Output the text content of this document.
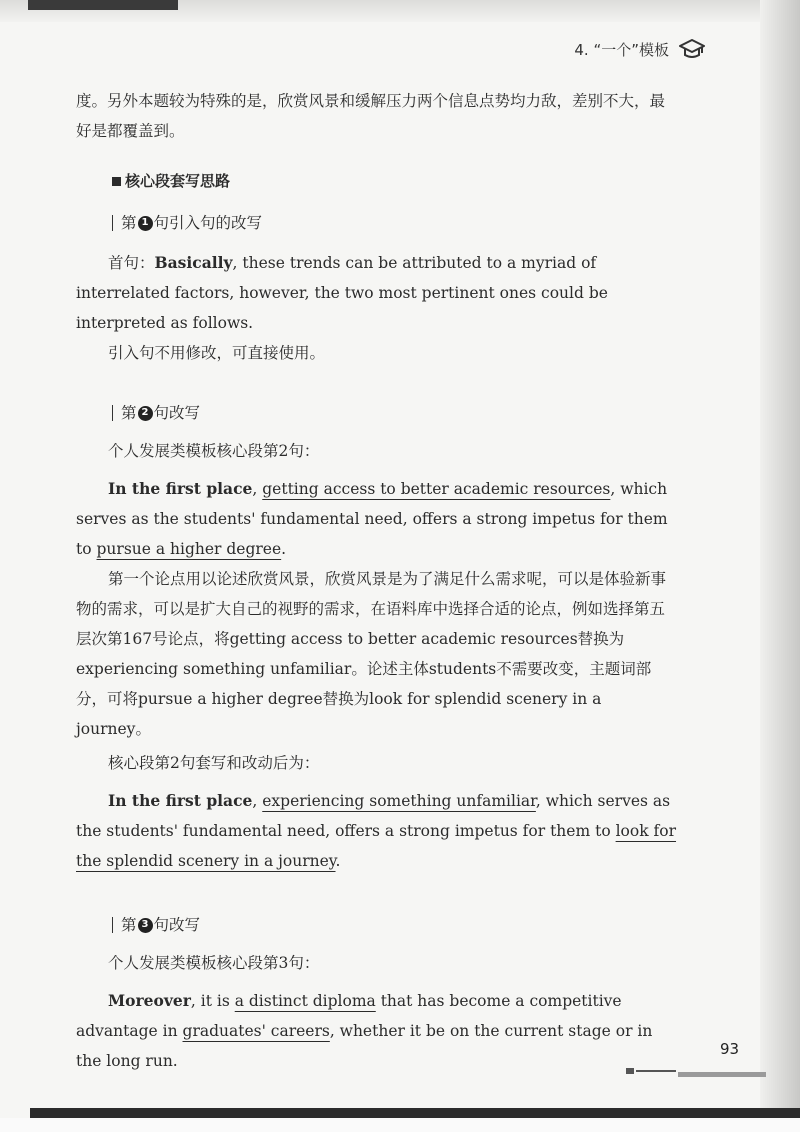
4. “一个”模板

度。另外本题较为特殊的是，欣赏风景和缓解压力两个信息点势均力敌，差别不大，最好是都覆盖到。

核心段套写思路
第 1 句引入句的改写

首句：Basically, these trends can be attributed to a myriad of interrelated factors, however, the two most pertinent ones could be interpreted as follows.

引入句不用修改，可直接使用。

第 2 句改写

个人发展类模板核心段第2句：

In the first place, getting access to better academic resources, which serves as the students' fundamental need, offers a strong impetus for them to pursue a higher degree.

第一个论点用以论述欣赏风景，欣赏风景是为了满足什么需求呢，可以是体验新事物的需求，可以是扩大自己的视野的需求，在语料库中选择合适的论点，例如选择第五层次第167号论点，将getting access to better academic resources替换为experiencing something unfamiliar。论述主体students不需要改变，主题词部分，可将pursue a higher degree替换为look for splendid scenery in a journey。

核心段第2句套写和改动后为：

In the first place, experiencing something unfamiliar, which serves as the students' fundamental need, offers a strong impetus for them to look for the splendid scenery in a journey.

第 3 句改写

个人发展类模板核心段第3句：

Moreover, it is a distinct diploma that has become a competitive advantage in graduates' careers, whether it be on the current stage or in the long run.

93
